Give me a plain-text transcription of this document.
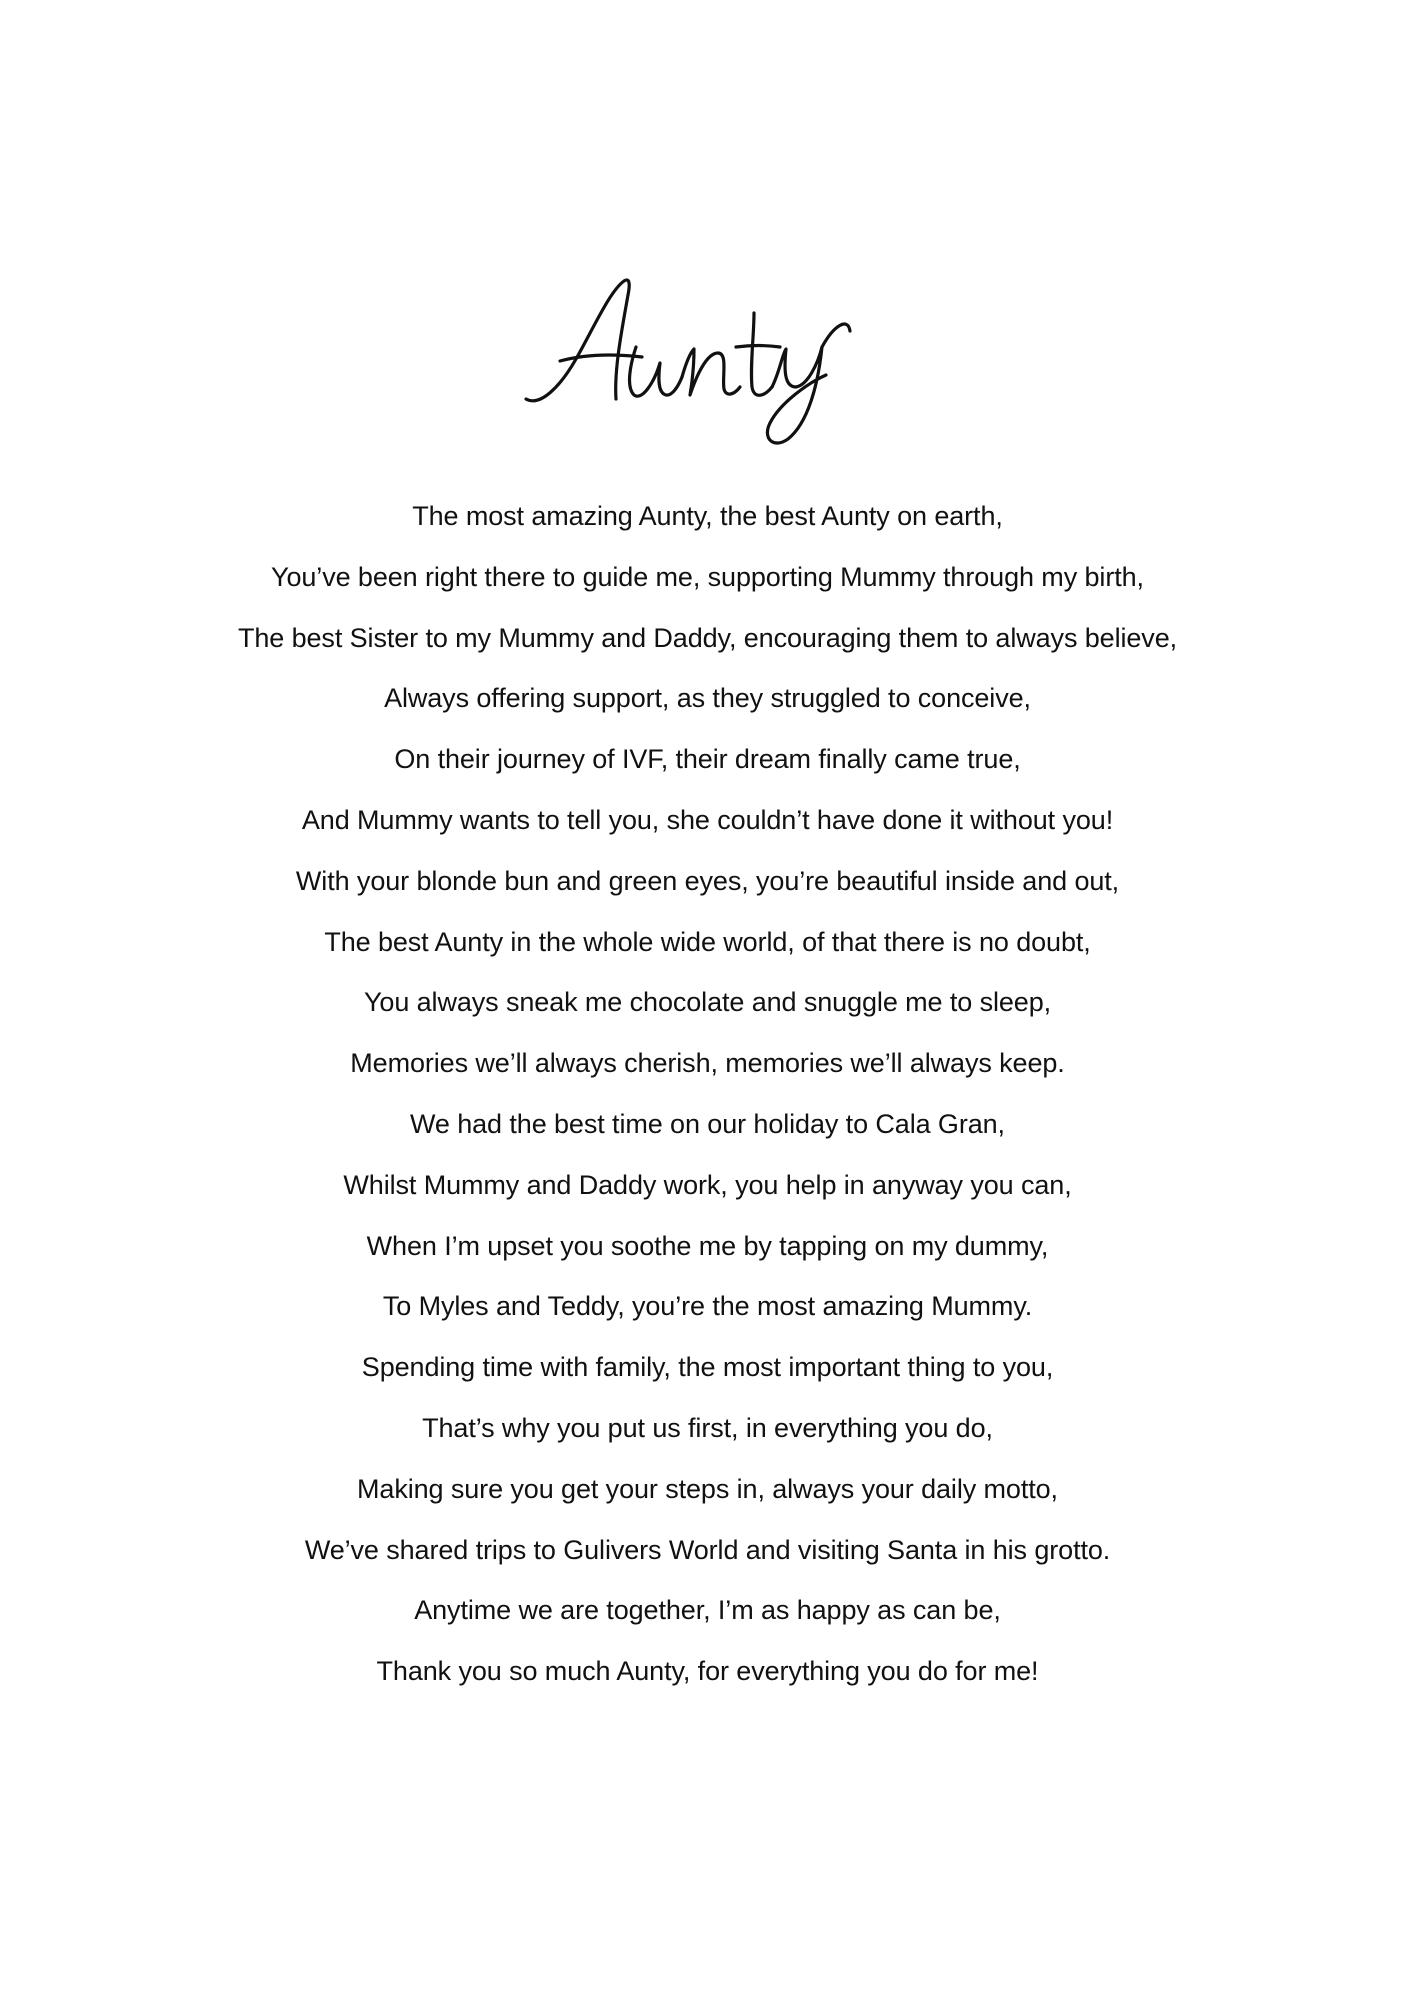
The most amazing Aunty, the best Aunty on earth,
You’ve been right there to guide me, supporting Mummy through my birth,
The best Sister to my Mummy and Daddy, encouraging them to always believe,
Always offering support, as they struggled to conceive,
On their journey of IVF, their dream finally came true,
And Mummy wants to tell you, she couldn’t have done it without you!
With your blonde bun and green eyes, you’re beautiful inside and out,
The best Aunty in the whole wide world, of that there is no doubt,
You always sneak me chocolate and snuggle me to sleep,
Memories we’ll always cherish, memories we’ll always keep.
We had the best time on our holiday to Cala Gran,
Whilst Mummy and Daddy work, you help in anyway you can,
When I’m upset you soothe me by tapping on my dummy,
To Myles and Teddy, you’re the most amazing Mummy.
Spending time with family, the most important thing to you,
That’s why you put us first, in everything you do,
Making sure you get your steps in, always your daily motto,
We’ve shared trips to Gulivers World and visiting Santa in his grotto.
Anytime we are together, I’m as happy as can be,
Thank you so much Aunty, for everything you do for me!
